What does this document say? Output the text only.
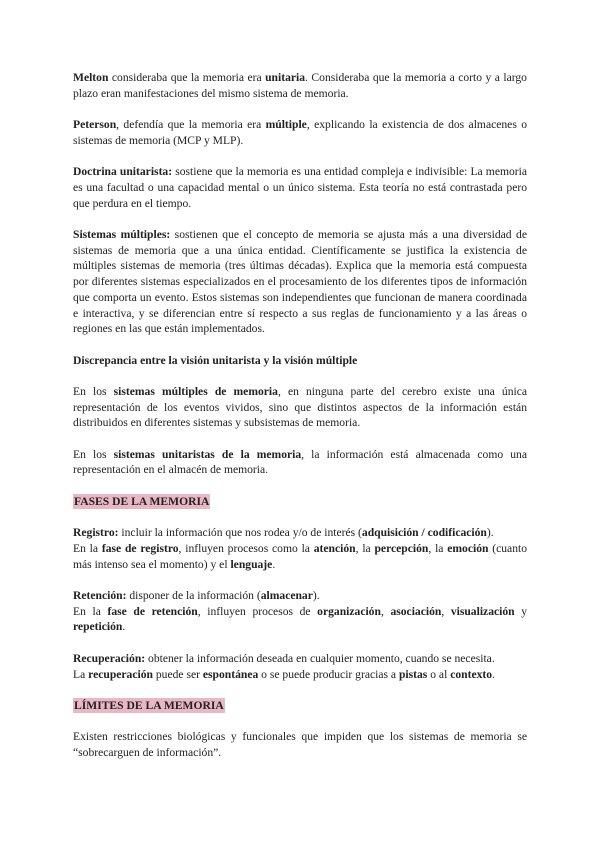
Melton consideraba que la memoria era unitaria. Consideraba que la memoria a corto y a largo plazo eran manifestaciones del mismo sistema de memoria.

Peterson, defendía que la memoria era múltiple, explicando la existencia de dos almacenes o sistemas de memoria (MCP y MLP).

Doctrina unitarista: sostiene que la memoria es una entidad compleja e indivisible: La memoria es una facultad o una capacidad mental o un único sistema. Esta teoría no está contrastada pero que perdura en el tiempo.

Sistemas múltiples: sostienen que el concepto de memoria se ajusta más a una diversidad de sistemas de memoria que a una única entidad. Científicamente se justifica la existencia de múltiples sistemas de memoria (tres últimas décadas). Explica que la memoria está compuesta por diferentes sistemas especializados en el procesamiento de los diferentes tipos de información que comporta un evento. Estos sistemas son independientes que funcionan de manera coordinada e interactiva, y se diferencian entre sí respecto a sus reglas de funcionamiento y a las áreas o regiones en las que están implementados.

Discrepancia entre la visión unitarista y la visión múltiple

En los sistemas múltiples de memoria, en ninguna parte del cerebro existe una única representación de los eventos vividos, sino que distintos aspectos de la información están distribuidos en diferentes sistemas y subsistemas de memoria.

En los sistemas unitaristas de la memoria, la información está almacenada como una representación en el almacén de memoria.

FASES DE LA MEMORIA

Registro: incluir la información que nos rodea y/o de interés (adquisición / codificación).
En la fase de registro, influyen procesos como la atención, la percepción, la emoción (cuanto más intenso sea el momento) y el lenguaje.

Retención: disponer de la información (almacenar).
En la fase de retención, influyen procesos de organización, asociación, visualización y repetición.

Recuperación: obtener la información deseada en cualquier momento, cuando se necesita.
La recuperación puede ser espontánea o se puede producir gracias a pistas o al contexto.

LÍMITES DE LA MEMORIA

Existen restricciones biológicas y funcionales que impiden que los sistemas de memoria se “sobrecarguen de información”.
